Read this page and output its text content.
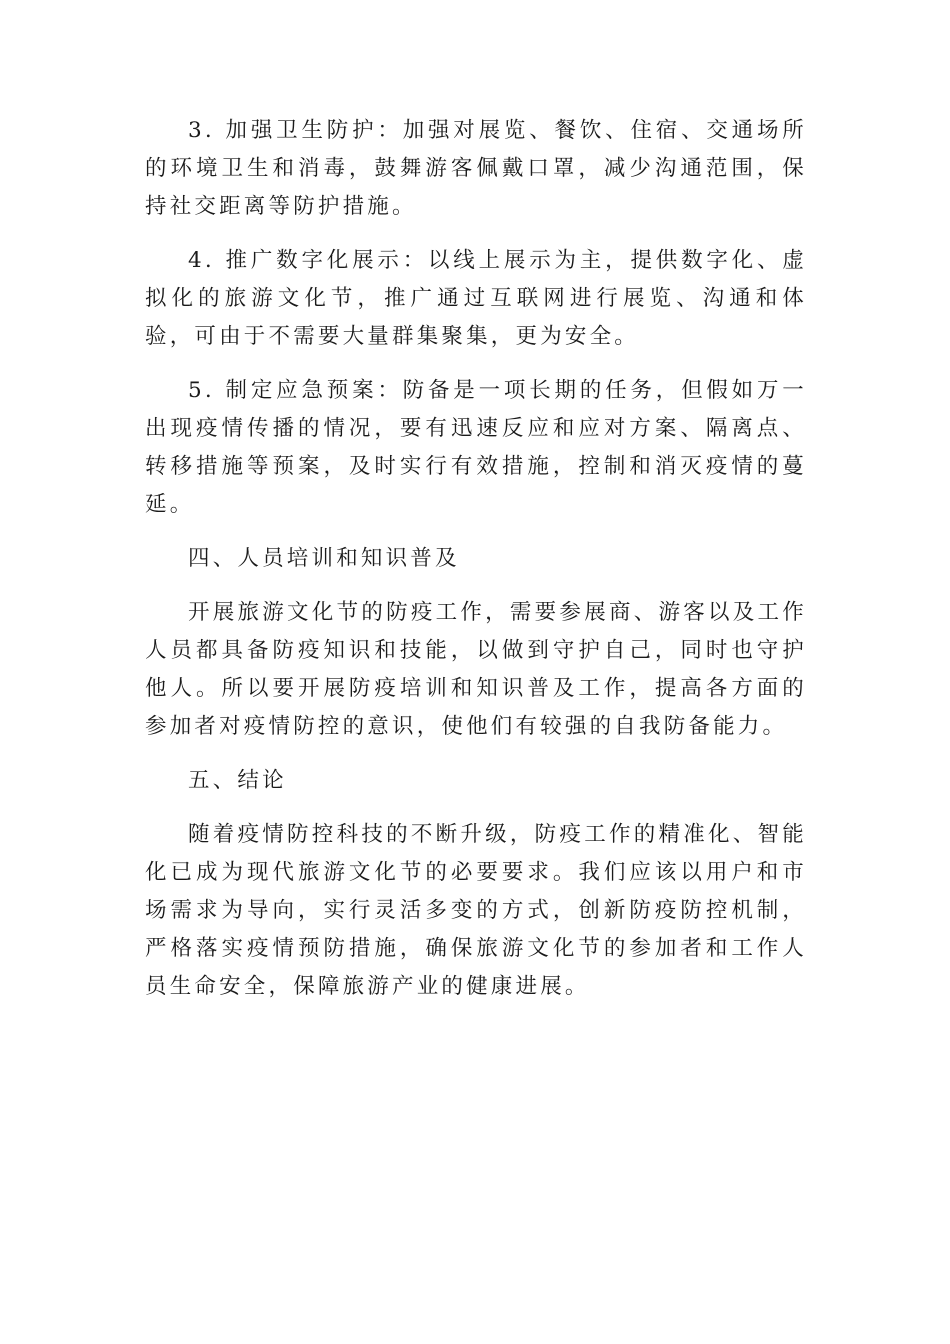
3. 加强卫生防护：加强对展览、餐饮、住宿、交通场所的环境卫生和消毒，鼓舞游客佩戴口罩，减少沟通范围，保持社交距离等防护措施。

4. 推广数字化展示：以线上展示为主，提供数字化、虚拟化的旅游文化节，推广通过互联网进行展览、沟通和体验，可由于不需要大量群集聚集，更为安全。

5. 制定应急预案：防备是一项长期的任务，但假如万一出现疫情传播的情况，要有迅速反应和应对方案、隔离点、转移措施等预案，及时实行有效措施，控制和消灭疫情的蔓延。

四、人员培训和知识普及

开展旅游文化节的防疫工作，需要参展商、游客以及工作人员都具备防疫知识和技能，以做到守护自己，同时也守护他人。所以要开展防疫培训和知识普及工作，提高各方面的参加者对疫情防控的意识，使他们有较强的自我防备能力。

五、结论

随着疫情防控科技的不断升级，防疫工作的精准化、智能化已成为现代旅游文化节的必要要求。我们应该以用户和市场需求为导向，实行灵活多变的方式，创新防疫防控机制，严格落实疫情预防措施，确保旅游文化节的参加者和工作人员生命安全，保障旅游产业的健康进展。
